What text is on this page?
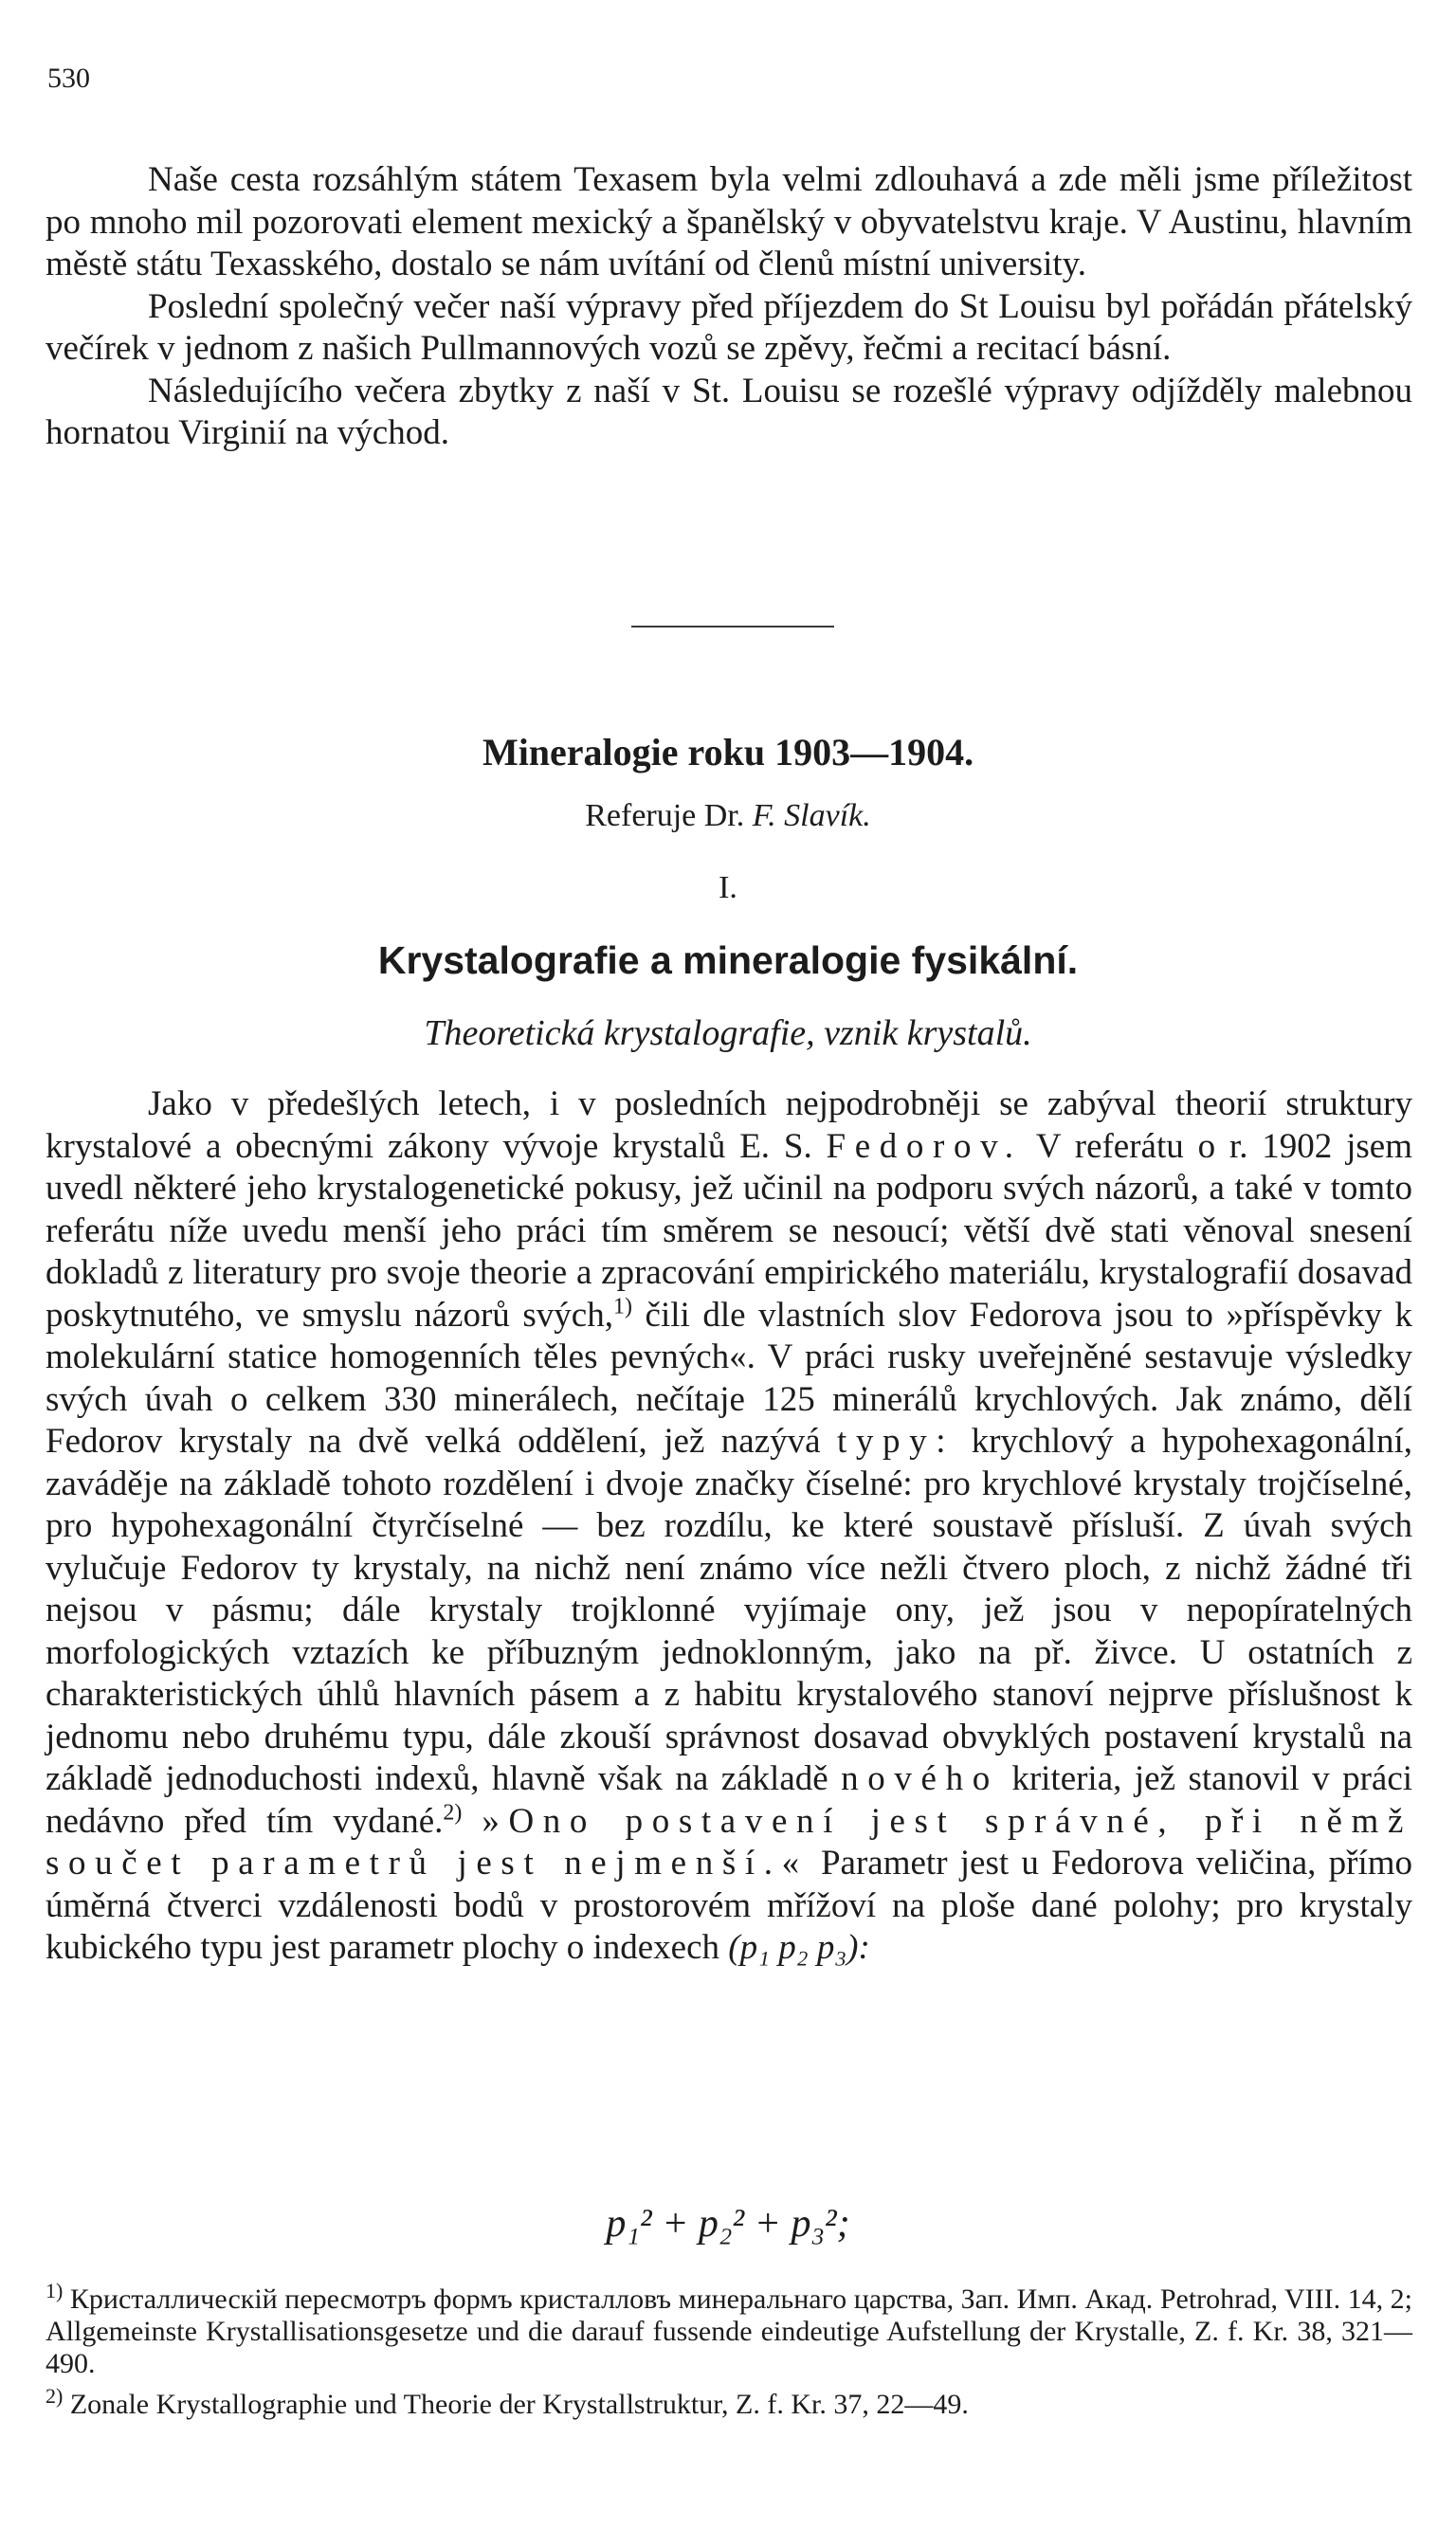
530

Naše cesta rozsáhlým státem Texasem byla velmi zdlouhavá a zde měli jsme příležitost po mnoho mil pozorovati element mexický a španělský v obyvatelstvu kraje. V Austinu, hlavním městě státu Texasského, dostalo se nám uvítání od členů místní university.

Poslední společný večer naší výpravy před příjezdem do St Louisu byl pořádán přátelský večírek v jednom z našich Pullmannových vozů se zpěvy, řečmi a recitací básní.

Následujícího večera zbytky z naší v St. Louisu se rozešlé výpravy odjížděly malebnou hornatou Virginií na východ.

Mineralogie roku 1903—1904.
Referuje Dr. F. Slavík.
I.
Krystalografie a mineralogie fysikální.
Theoretická krystalografie, vznik krystalů.

Jako v předešlých letech, i v posledních nejpodrobněji se zabýval theorií struktury krystalové a obecnými zákony vývoje krystalů E. S. Fedorov. V referátu o r. 1902 jsem uvedl některé jeho krystalogenetické pokusy, jež učinil na podporu svých názorů, a také v tomto referátu níže uvedu menší jeho práci tím směrem se nesoucí; větší dvě stati věnoval snesení dokladů z literatury pro svoje theorie a zpracování empirického materiálu, krystalografií dosavad poskytnutého, ve smyslu názorů svých,$^{1)}$ čili dle vlastních slov Fedorova jsou to »příspěvky k molekulární statice homogenních těles pevných«. V práci rusky uveřejněné sestavuje výsledky svých úvah o celkem 330 minerálech, nečítaje 125 minerálů krychlových. Jak známo, dělí Fedorov krystaly na dvě velká oddělení, jež nazývá typy: krychlový a hypohexagonální, zaváděje na základě tohoto rozdělení i dvoje značky číselné: pro krychlové krystaly trojčíselné, pro hypohexagonální čtyrčíselné — bez rozdílu, ke které soustavě přísluší. Z úvah svých vylučuje Fedorov ty krystaly, na nichž není známo více nežli čtvero ploch, z nichž žádné tři nejsou v pásmu; dále krystaly trojklonné vyjímaje ony, jež jsou v nepopíratelných morfologických vztazích ke příbuzným jednoklonným, jako na př. živce. U ostatních z charakteristických úhlů hlavních pásem a z habitu krystalového stanoví nejprve příslušnost k jednomu nebo druhému typu, dále zkouší správnost dosavad obvyklých postavení krystalů na základě jednoduchosti indexů, hlavně však na základě nového kriteria, jež stanovil v práci nedávno před tím vydané.$^{2)}$ »Ono postavení jest správné, při němž součet parametrů jest nejmenší.« Parametr jest u Fedorova veličina, přímo úměrná čtverci vzdálenosti bodů v prostorovém mřížoví na ploše dané polohy; pro krystaly kubického typu jest parametr plochy o indexech (p₁ p₂ p₃):

p₁² + p₂² + p₃²;

$^{1)}$ Кристаллическiй пересмотръ формъ кристалловъ минеральнаго царства, Зап. Имп. Акад. Petrohrad, VIII. 14, 2; Allgemeinste Krystallisationsgesetze und die darauf fussende eindeutige Aufstellung der Krystalle, Z. f. Kr. 38, 321—490.

$^{2)}$ Zonale Krystallographie und Theorie der Krystallstruktur, Z. f. Kr. 37, 22—49.
